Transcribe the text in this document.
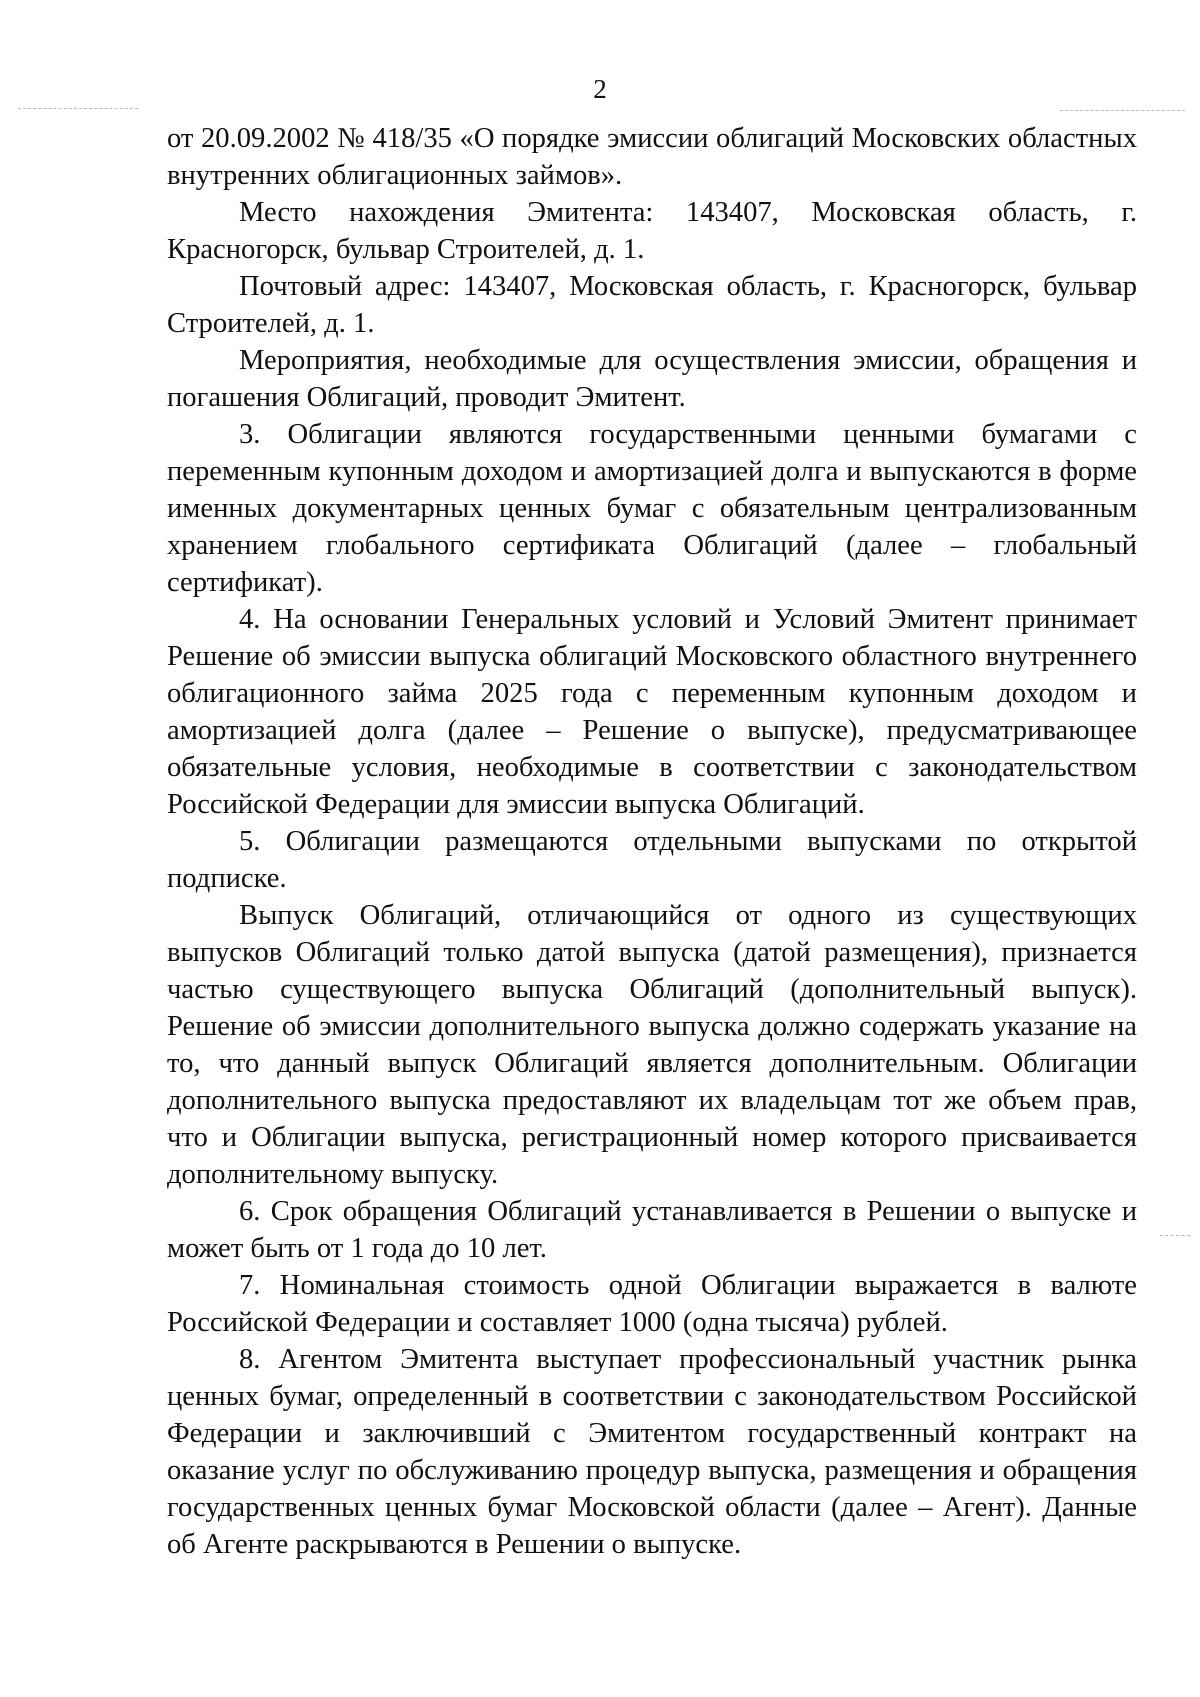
2

от 20.09.2002 № 418/35 «О порядке эмиссии облигаций Московских областных внутренних облигационных займов».

Место нахождения Эмитента: 143407, Московская область, г. Красногорск, бульвар Строителей, д. 1.

Почтовый адрес: 143407, Московская область, г. Красногорск, бульвар Строителей, д. 1.

Мероприятия, необходимые для осуществления эмиссии, обращения и погашения Облигаций, проводит Эмитент.

3. Облигации являются государственными ценными бумагами с переменным купонным доходом и амортизацией долга и выпускаются в форме именных документарных ценных бумаг с обязательным централизованным хранением глобального сертификата Облигаций (далее – глобальный сертификат).

4. На основании Генеральных условий и Условий Эмитент принимает Решение об эмиссии выпуска облигаций Московского областного внутреннего облигационного займа 2025 года с переменным купонным доходом и амортизацией долга (далее – Решение о выпуске), предусматривающее обязательные условия, необходимые в соответствии с законодательством Российской Федерации для эмиссии выпуска Облигаций.

5. Облигации размещаются отдельными выпусками по открытой подписке.

Выпуск Облигаций, отличающийся от одного из существующих выпусков Облигаций только датой выпуска (датой размещения), признается частью существующего выпуска Облигаций (дополнительный выпуск). Решение об эмиссии дополнительного выпуска должно содержать указание на то, что данный выпуск Облигаций является дополнительным. Облигации дополнительного выпуска предоставляют их владельцам тот же объем прав, что и Облигации выпуска, регистрационный номер которого присваивается дополнительному выпуску.

6. Срок обращения Облигаций устанавливается в Решении о выпуске и может быть от 1 года до 10 лет.

7. Номинальная стоимость одной Облигации выражается в валюте Российской Федерации и составляет 1000 (одна тысяча) рублей.

8. Агентом Эмитента выступает профессиональный участник рынка ценных бумаг, определенный в соответствии с законодательством Российской Федерации и заключивший с Эмитентом государственный контракт на оказание услуг по обслуживанию процедур выпуска, размещения и обращения государственных ценных бумаг Московской области (далее – Агент). Данные об Агенте раскрываются в Решении о выпуске.
